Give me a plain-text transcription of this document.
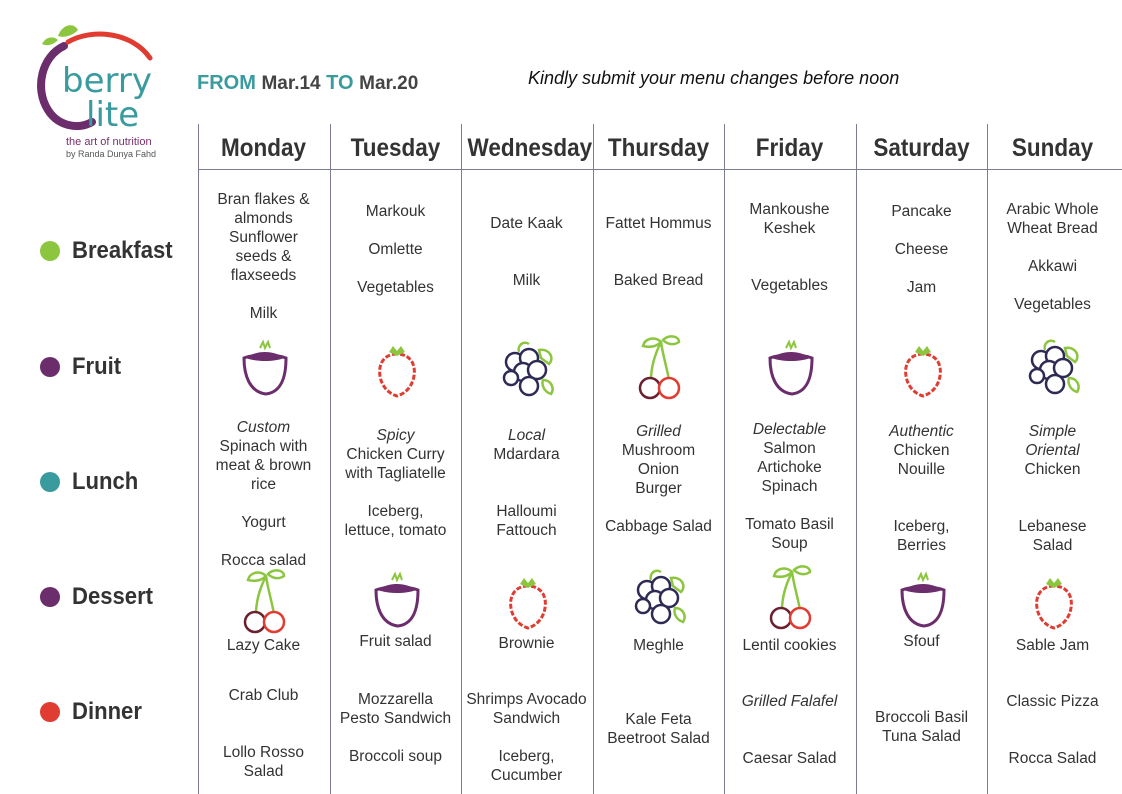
berry
lite
the art of nutrition
by Randa Dunya Fahd
FROM Mar.14 TO Mar.20	Kindly submit your menu changes before noon
Breakfast
Fruit
Lunch
Dessert
Dinner
Monday
Bran flakes &
almonds
Sunflower
seeds &
flaxseeds

Milk
Custom
Spinach with
meat & brown
rice

Yogurt

Rocca salad
Lazy Cake
Crab Club

Lollo Rosso
Salad
Tuesday
Markouk

Omlette

Vegetables
Spicy
Chicken Curry
with Tagliatelle

Iceberg,
lettuce, tomato
Fruit salad
Mozzarella
Pesto Sandwich

Broccoli soup
Wednesday
Date Kaak

Milk
Local
Mdardara

Halloumi
Fattouch
Brownie
Shrimps Avocado
Sandwich

Iceberg,
Cucumber
Thursday
Fattet Hommus

Baked Bread
Grilled
Mushroom
Onion
Burger

Cabbage Salad
Meghle
Kale Feta
Beetroot Salad
Friday
Mankoushe
Keshek

Vegetables
Delectable
Salmon
Artichoke
Spinach

Tomato Basil
Soup
Lentil cookies
Grilled Falafel

Caesar Salad
Saturday
Pancake

Cheese

Jam
Authentic
Chicken
Nouille

Iceberg,
Berries
Sfouf
Broccoli Basil
Tuna Salad
Sunday
Arabic Whole
Wheat Bread

Akkawi

Vegetables
Simple
Oriental
Chicken

Lebanese
Salad
Sable Jam
Classic Pizza

Rocca Salad
